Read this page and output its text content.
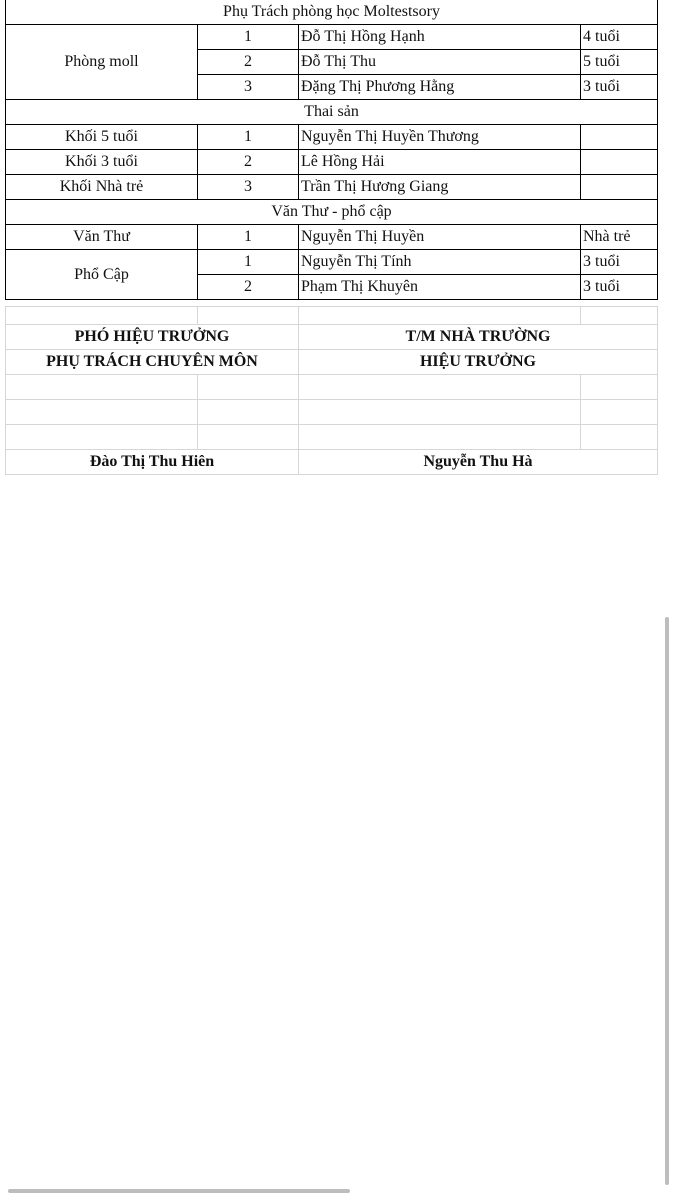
Phụ Trách phòng học Moltestsory			
Phòng moll	1	Đỗ Thị Hồng Hạnh	4 tuổi
	2	Đỗ Thị Thu	5 tuổi
	3	Đặng Thị Phương Hằng	3 tuổi
Thai sản			
Khối 5 tuổi	1	Nguyễn Thị Huyền Thương	
Khối 3 tuổi	2	Lê Hồng Hải	
Khối Nhà trẻ	3	Trần Thị Hương Giang	
Văn Thư - phổ cập			
Văn Thư	1	Nguyễn Thị Huyền	Nhà trẻ
Phổ Cập	1	Nguyễn Thị Tính	3 tuổi
	2	Phạm Thị Khuyên	3 tuổi

PHÓ HIỆU TRƯỞNG		T/M NHÀ TRƯỜNG	
PHỤ TRÁCH CHUYÊN MÔN		HIỆU TRƯỞNG	

Đào Thị Thu Hiên		Nguyễn Thu Hà	
